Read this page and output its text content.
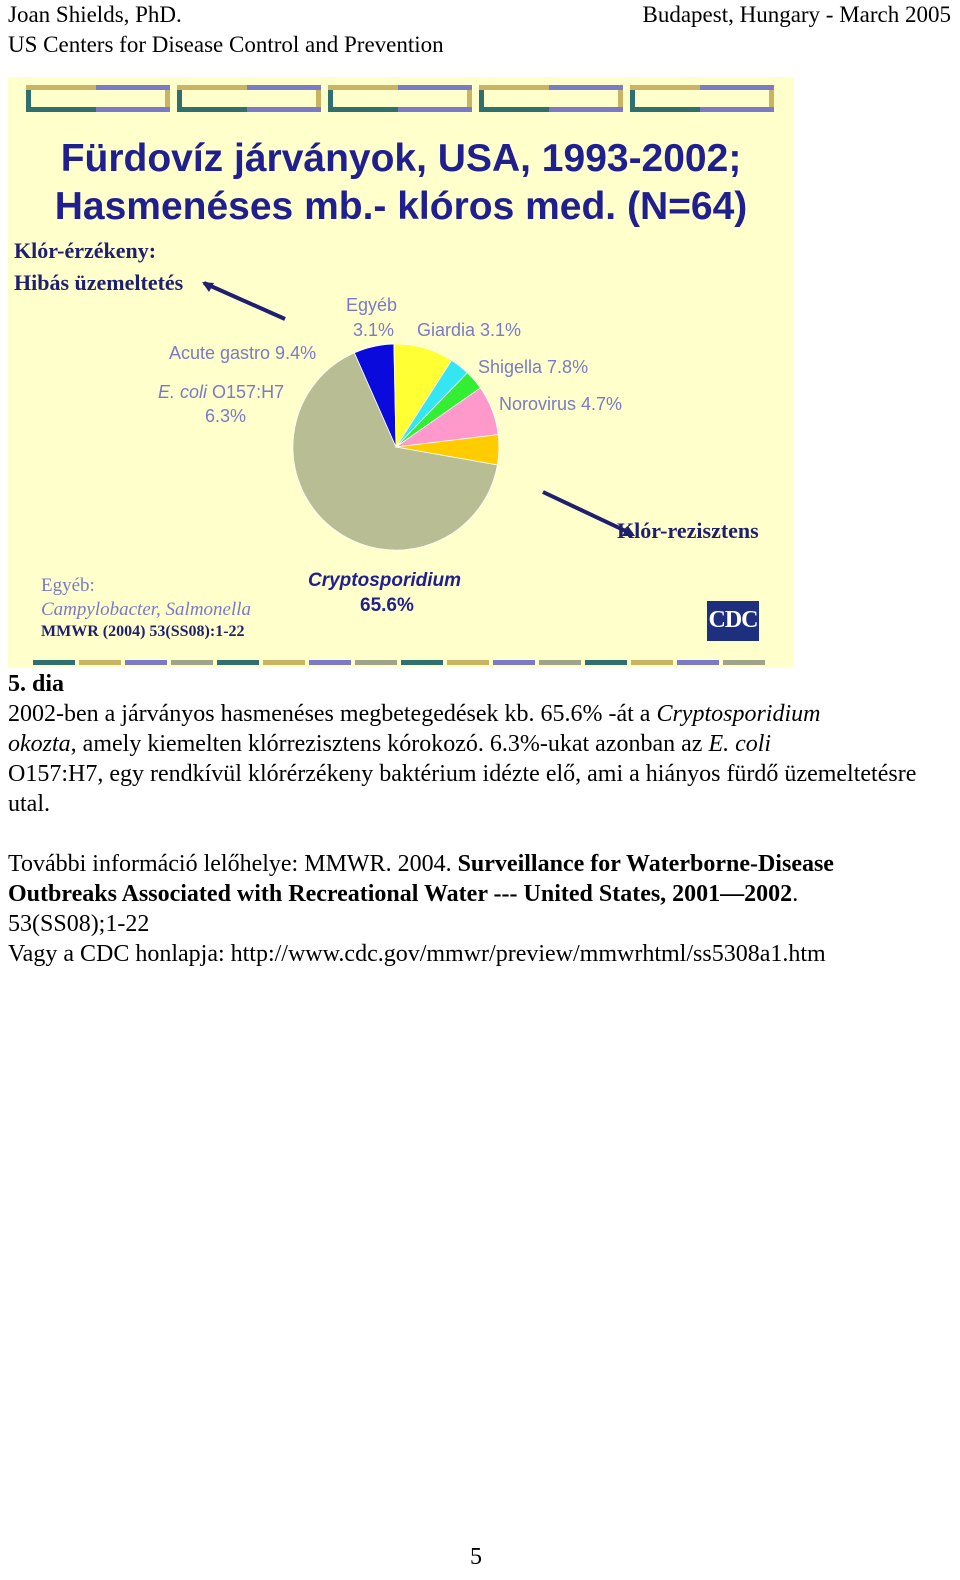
Joan Shields, PhD.	Budapest, Hungary - March 2005
US Centers for Disease Control and Prevention
Fürdovíz járványok, USA, 1993-2002;
Hasmenéses mb.- klóros med. (N=64)
Klór-érzékeny:
Hibás üzemeltetés
Egyéb
3.1% Giardia 3.1%
Acute gastro 9.4%
Shigella 7.8%
E. coli O157:H7
6.3%
Norovirus 4.7%
Klór-rezisztens
Cryptosporidium
65.6%
Egyéb:
Campylobacter, Salmonella
MMWR (2004) 53(SS08):1-22	CDC
5. dia
2002-ben a járványos hasmenéses megbetegedések kb. 65.6% -át a Cryptosporidium
okozta, amely kiemelten klórrezisztens kórokozó. 6.3%-ukat azonban az E. coli
O157:H7, egy rendkívül klórérzékeny baktérium idézte elő, ami a hiányos fürdő üzemeltetésre utal.
További információ lelőhelye: MMWR. 2004. Surveillance for Waterborne-Disease Outbreaks Associated with Recreational Water --- United States, 2001—2002.
53(SS08);1-22
Vagy a CDC honlapja: http://www.cdc.gov/mmwr/preview/mmwrhtml/ss5308a1.htm
5
